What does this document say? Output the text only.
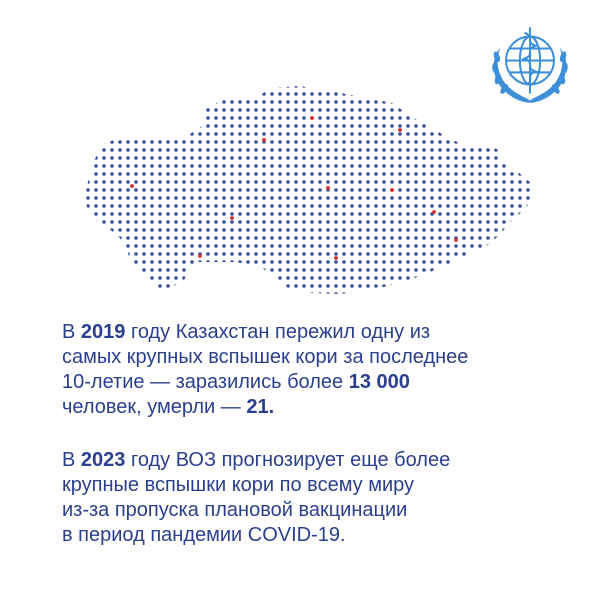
В 2019 году Казахстан пережил одну из
самых крупных вспышек кори за последнее
10-летие — заразились более 13 000
человек, умерли — 21.

В 2023 году ВОЗ прогнозирует еще более
крупные вспышки кори по всему миру
из-за пропуска плановой вакцинации
в период пандемии COVID-19.
